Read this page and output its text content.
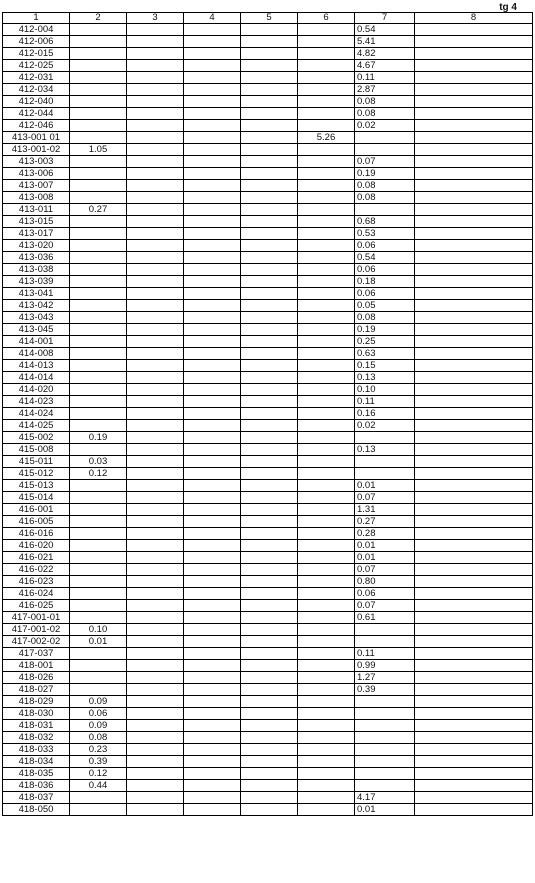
tg 4
1	2	3	4	5	6	7	8
412-004						0.54	
412-006						5.41	
412-015						4.82	
412-025						4.67	
412-031						0.11	
412-034						2.87	
412-040						0.08	
412-044						0.08	
412-046						0.02	
413-001 01					5.26		
413-001-02	1.05						
413-003						0.07	
413-006						0.19	
413-007						0.08	
413-008						0.08	
413-011	0.27						
413-015						0.68	
413-017						0.53	
413-020						0.06	
413-036						0.54	
413-038						0.06	
413-039						0.18	
413-041						0.06	
413-042						0.05	
413-043						0.08	
413-045						0.19	
414-001						0.25	
414-008						0.63	
414-013						0.15	
414-014						0.13	
414-020						0.10	
414-023						0.11	
414-024						0.16	
414-025						0.02	
415-002	0.19						
415-008						0.13	
415-011	0.03						
415-012	0.12						
415-013						0.01	
415-014						0.07	
416-001						1.31	
416-005						0.27	
416-016						0.28	
416-020						0.01	
416-021						0.01	
416-022						0.07	
416-023						0.80	
416-024						0.06	
416-025						0.07	
417-001-01						0.61	
417-001-02	0.10						
417-002-02	0.01						
417-037						0.11	
418-001						0.99	
418-026						1.27	
418-027						0.39	
418-029	0.09						
418-030	0.06						
418-031	0.09						
418-032	0.08						
418-033	0.23						
418-034	0.39						
418-035	0.12						
418-036	0.44						
418-037						4.17	
418-050						0.01	
